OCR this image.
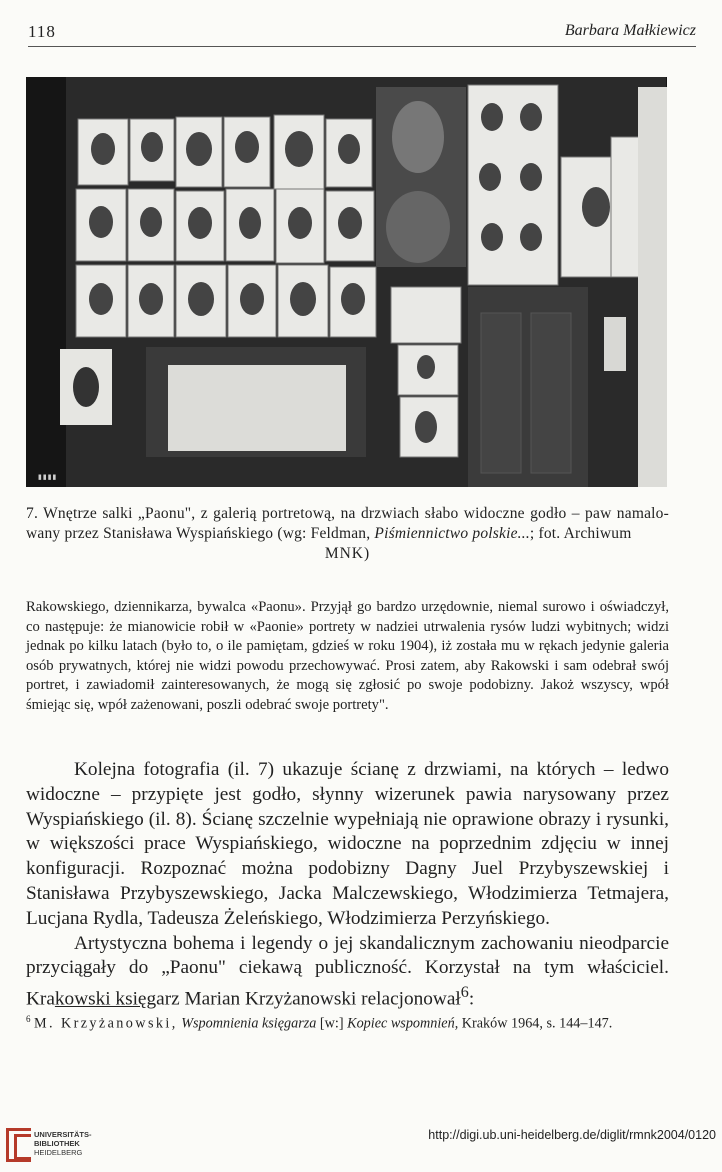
118	Barbara Małkiewicz
▮▮▮▮
7. Wnętrze salki „Paonu", z galerią portretową, na drzwiach słabo widoczne godło – paw namalo- wany przez Stanisława Wyspiańskiego (wg: Feldman, Piśmiennictwo polskie...; fot. Archiwum
MNK)
Rakowskiego, dziennikarza, bywalca «Paonu». Przyjął go bardzo urzędownie, niemal surowo i oświadczył, co następuje: że mianowicie robił w «Paonie» portrety w nadziei utrwalenia rysów ludzi wybitnych; widzi jednak po kilku latach (było to, o ile pamiętam, gdzieś w roku 1904), iż została mu w rękach jedynie galeria osób prywatnych, której nie widzi powodu przechowywać. Prosi zatem, aby Rakowski i sam odebrał swój portret, i zawiadomił zainteresowanych, że mogą się zgłosić po swoje podobizny. Jakoż wszyscy, wpół śmiejąc się, wpół zażenowani, poszli odebrać swoje portrety".

Kolejna fotografia (il. 7) ukazuje ścianę z drzwiami, na których – ledwo widoczne – przypięte jest godło, słynny wizerunek pawia narysowany przez Wyspiańskiego (il. 8). Ścianę szczelnie wypełniają nie oprawione obrazy i rysunki, w większości prace Wyspiańskiego, widoczne na poprzednim zdjęciu w innej konfiguracji. Rozpoznać można podobizny Dagny Juel Przybyszewskiej i Stanisława Przybyszewskiego, Jacka Malczewskiego, Włodzimierza Tetmajera, Lucjana Rydla, Tadeusza Żeleńskiego, Włodzimierza Perzyńskiego.

Artystyczna bohema i legendy o jej skandalicznym zachowaniu nieodparcie przyciągały do „Paonu" ciekawą publiczność. Korzystał na tym właściciel. Krakowski księgarz Marian Krzyżanowski relacjonował$^6$:

$^6$ M. Krzyżanowski, Wspomnienia księgarza [w:] Kopiec wspomnień, Kraków 1964, s. 144–147.
UNIVERSITÄTS-
BIBLIOTHEK
HEIDELBERG
http://digi.ub.uni-heidelberg.de/diglit/rmnk2004/0120
